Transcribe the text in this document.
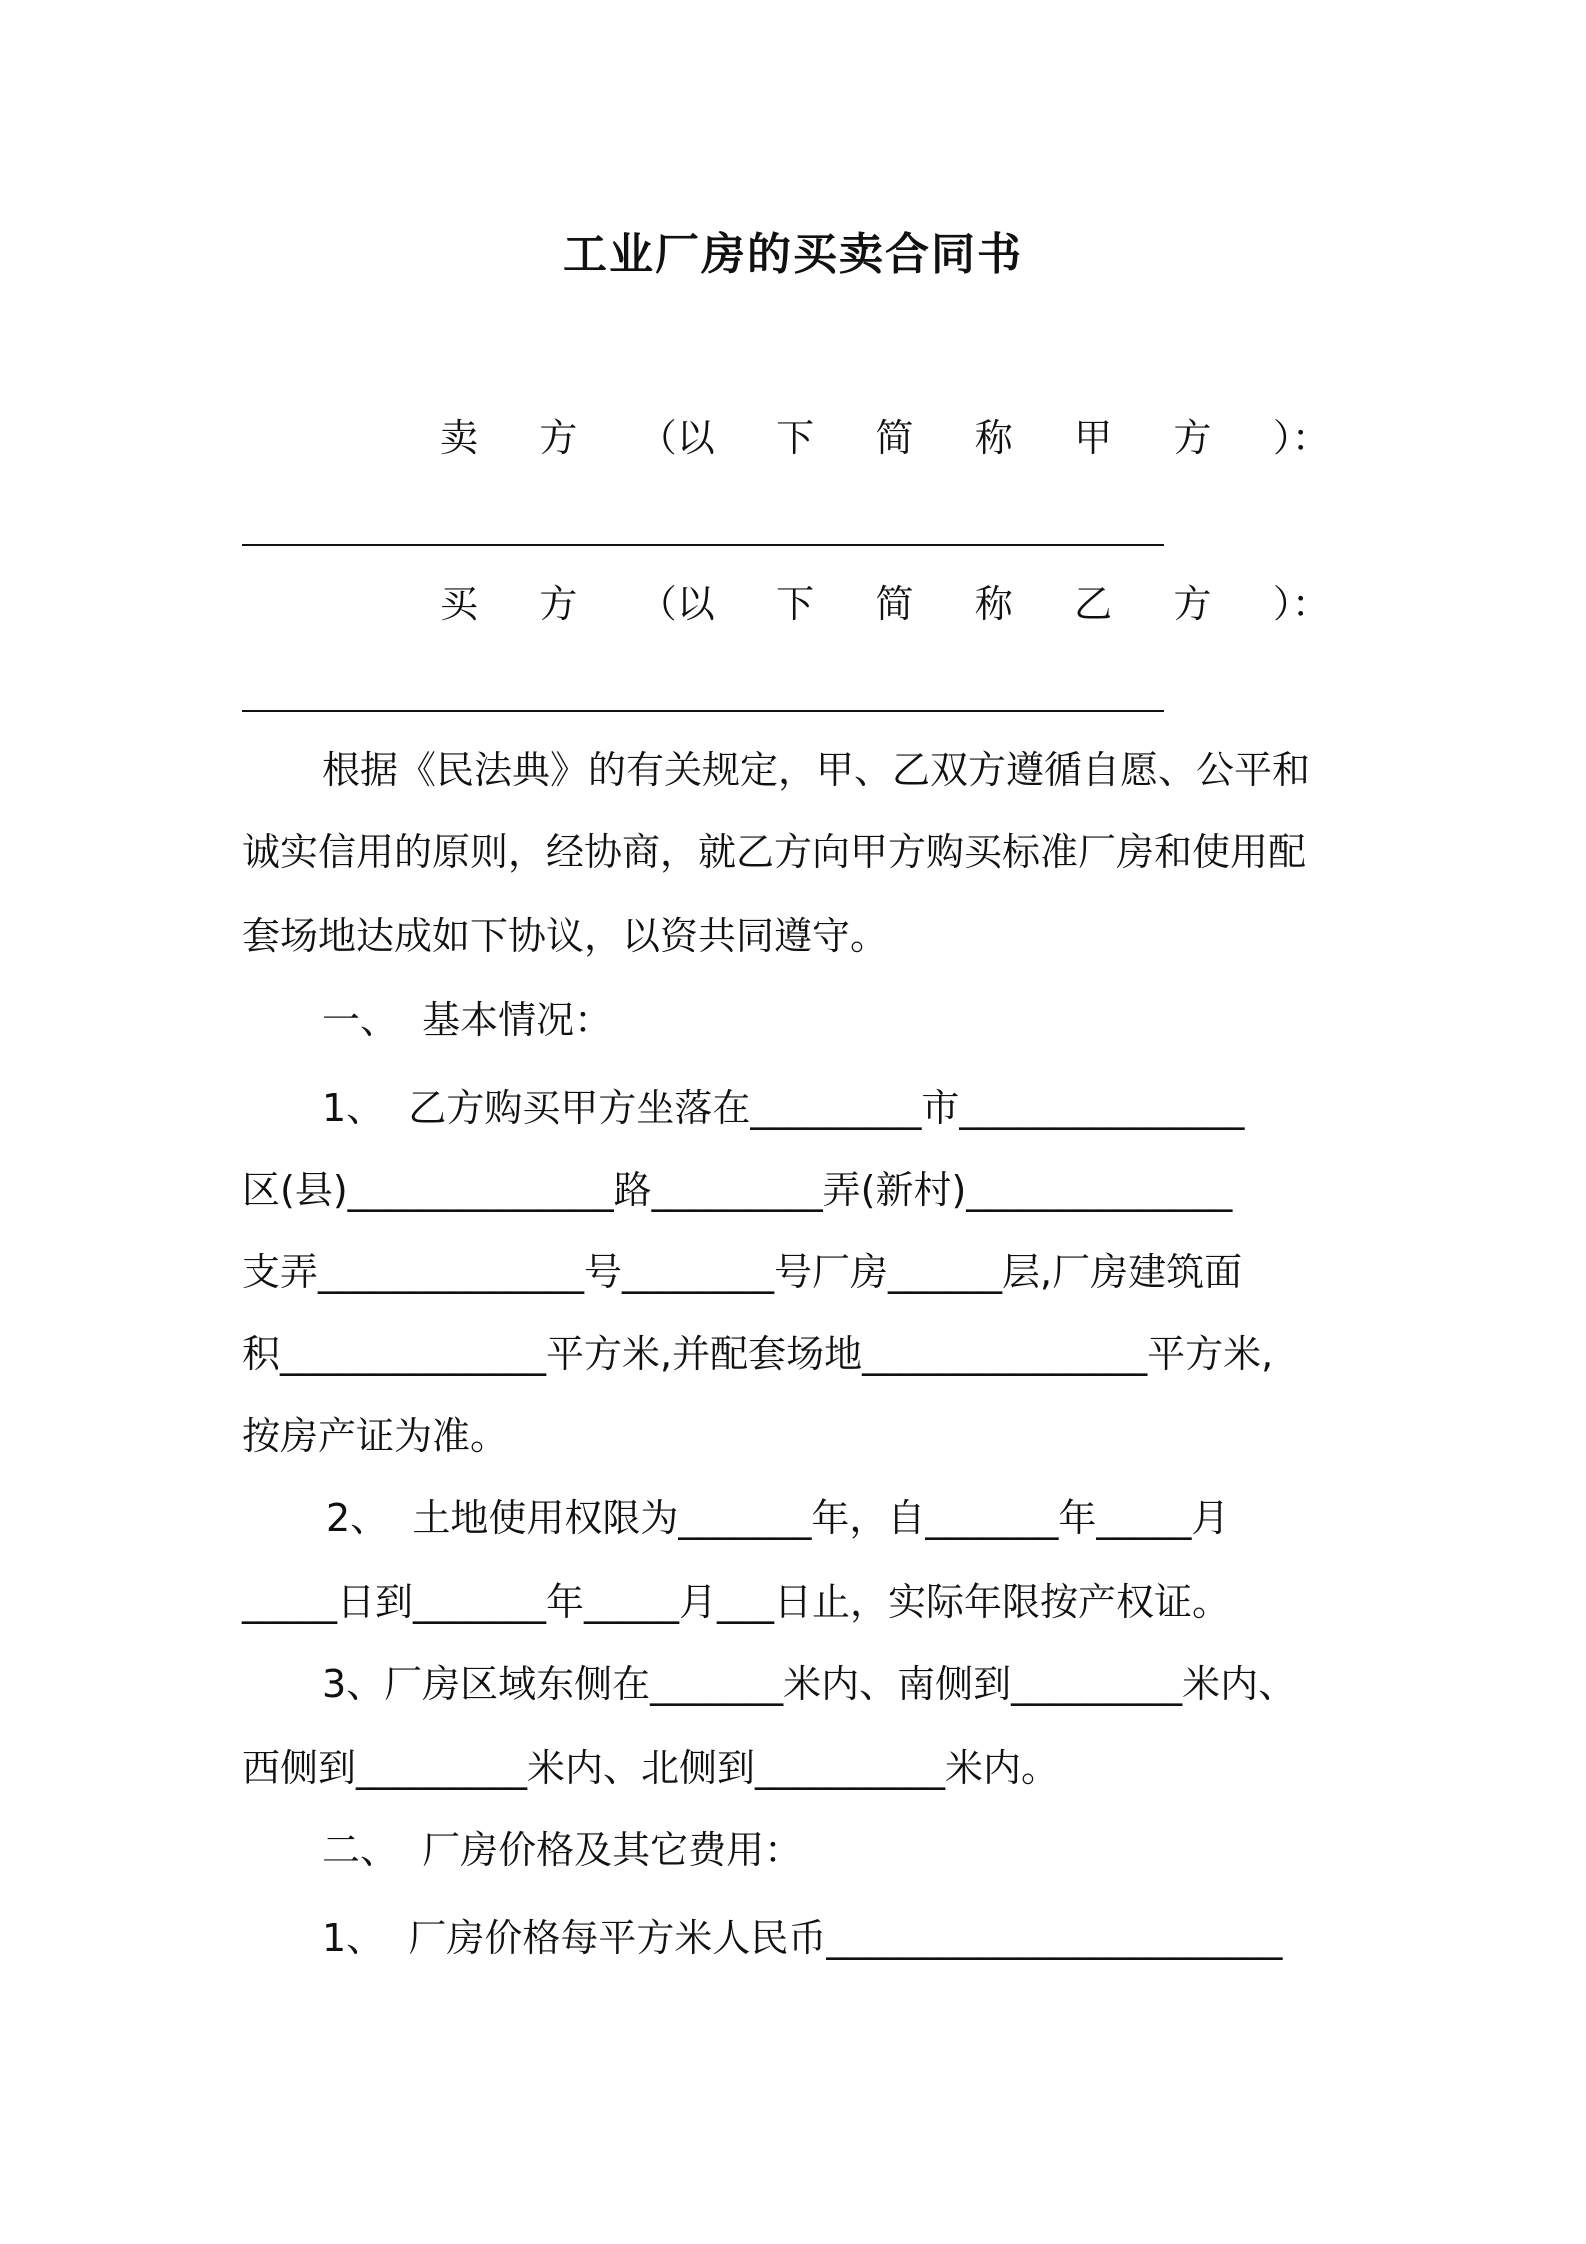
工业厂房的买卖合同书
卖 方 （以 下 简 称 甲 方 ）：
买 方 （以 下 简 称 乙 方 ）：
根据《民法典》的有关规定，甲、乙双方遵循自愿、公平和
诚实信用的原则，经协商，就乙方向甲方购买标准厂房和使用配
套场地达成如下协议，以资共同遵守。
一、  基本情况：
1、  乙方购买甲方坐落在_________市_______________
区(县)______________路_________弄(新村)______________
支弄______________号________号厂房______层,厂房建筑面
积______________平方米,并配套场地_______________平方米,
按房产证为准。
2、  土地使用权限为_______年，自_______年_____月
_____日到_______年_____月___日止，实际年限按产权证。
3、厂房区域东侧在_______米内、南侧到_________米内、
西侧到_________米内、北侧到__________米内。
二、  厂房价格及其它费用：
1、  厂房价格每平方米人民币________________________
